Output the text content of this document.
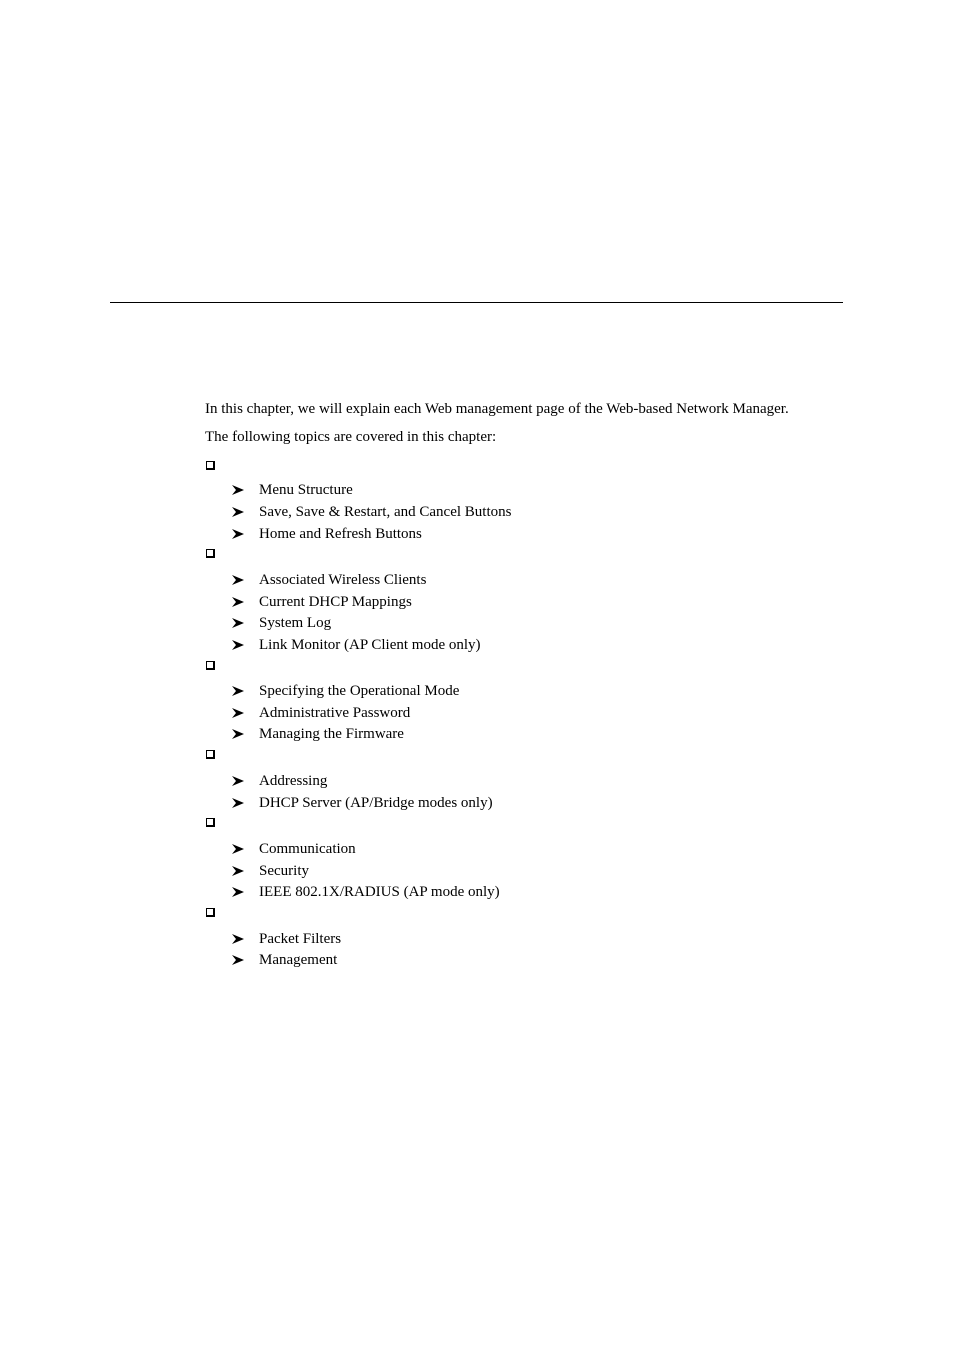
In this chapter, we will explain each Web management page of the Web-based Network Manager.
The following topics are covered in this chapter:
Menu Structure
Save, Save & Restart, and Cancel Buttons
Home and Refresh Buttons
Associated Wireless Clients
Current DHCP Mappings
System Log
Link Monitor (AP Client mode only)
Specifying the Operational Mode
Administrative Password
Managing the Firmware
Addressing
DHCP Server (AP/Bridge modes only)
Communication
Security
IEEE 802.1X/RADIUS (AP mode only)
Packet Filters
Management
